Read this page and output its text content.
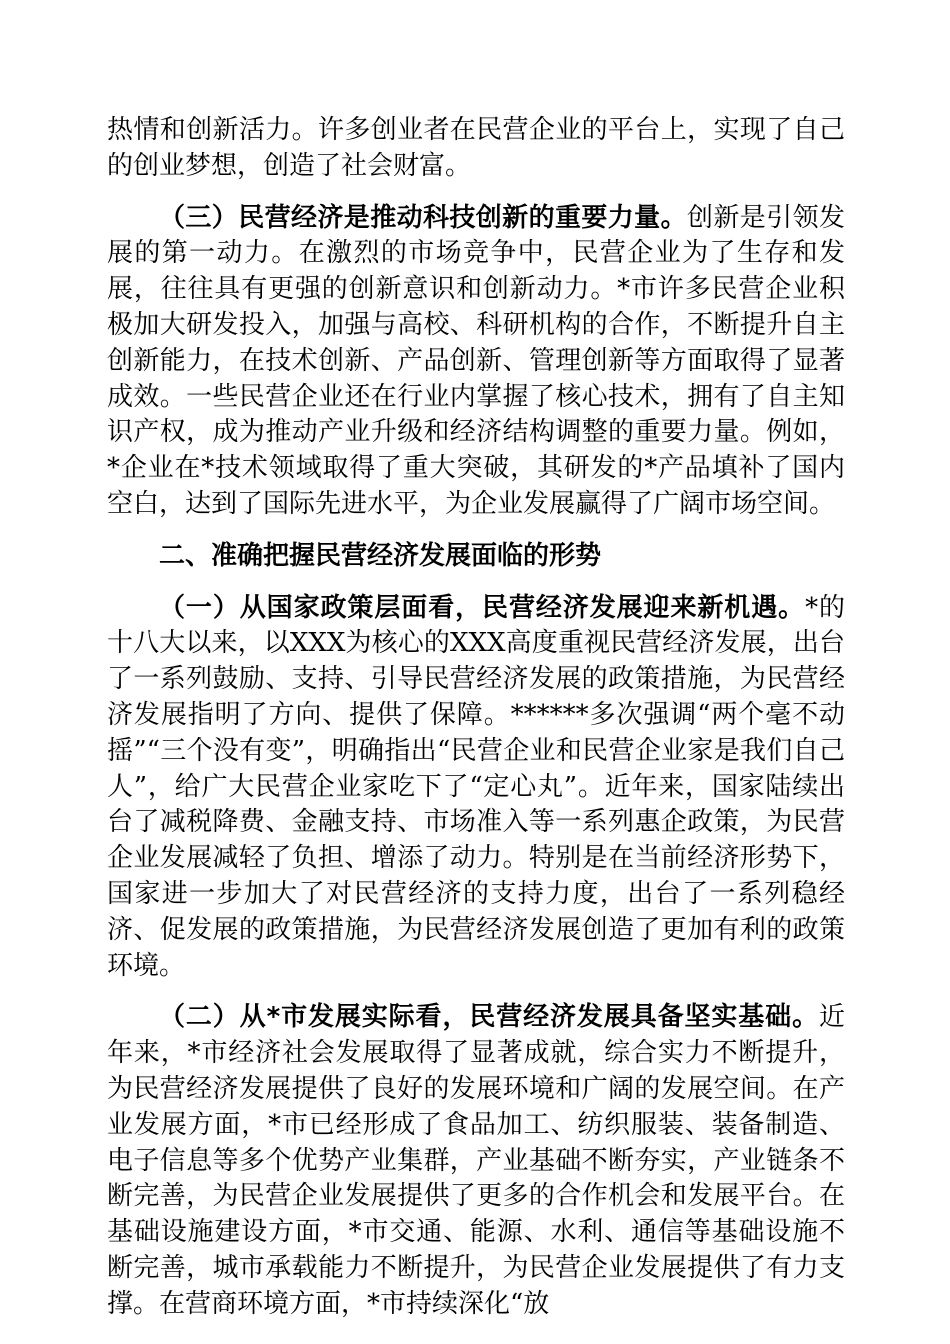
热情和创新活力。许多创业者在民营企业的平台上，实现了自己的创业梦想，创造了社会财富。

（三）民营经济是推动科技创新的重要力量。创新是引领发展的第一动力。在激烈的市场竞争中，民营企业为了生存和发展，往往具有更强的创新意识和创新动力。*市许多民营企业积极加大研发投入，加强与高校、科研机构的合作，不断提升自主创新能力，在技术创新、产品创新、管理创新等方面取得了显著成效。一些民营企业还在行业内掌握了核心技术，拥有了自主知识产权，成为推动产业升级和经济结构调整的重要力量。例如，*企业在*技术领域取得了重大突破，其研发的*产品填补了国内空白，达到了国际先进水平，为企业发展赢得了广阔市场空间。

二、准确把握民营经济发展面临的形势

（一）从国家政策层面看，民营经济发展迎来新机遇。*的十八大以来，以XXX为核心的XXX高度重视民营经济发展，出台了一系列鼓励、支持、引导民营经济发展的政策措施，为民营经济发展指明了方向、提供了保障。******多次强调“两个毫不动摇”“三个没有变”，明确指出“民营企业和民营企业家是我们自己人”，给广大民营企业家吃下了“定心丸”。近年来，国家陆续出台了减税降费、金融支持、市场准入等一系列惠企政策，为民营企业发展减轻了负担、增添了动力。特别是在当前经济形势下，国家进一步加大了对民营经济的支持力度，出台了一系列稳经济、促发展的政策措施，为民营经济发展创造了更加有利的政策环境。

（二）从*市发展实际看，民营经济发展具备坚实基础。近年来，*市经济社会发展取得了显著成就，综合实力不断提升，为民营经济发展提供了良好的发展环境和广阔的发展空间。在产业发展方面，*市已经形成了食品加工、纺织服装、装备制造、电子信息等多个优势产业集群，产业基础不断夯实，产业链条不断完善，为民营企业发展提供了更多的合作机会和发展平台。在基础设施建设方面，*市交通、能源、水利、通信等基础设施不断完善，城市承载能力不断提升，为民营企业发展提供了有力支撑。在营商环境方面，*市持续深化“放
